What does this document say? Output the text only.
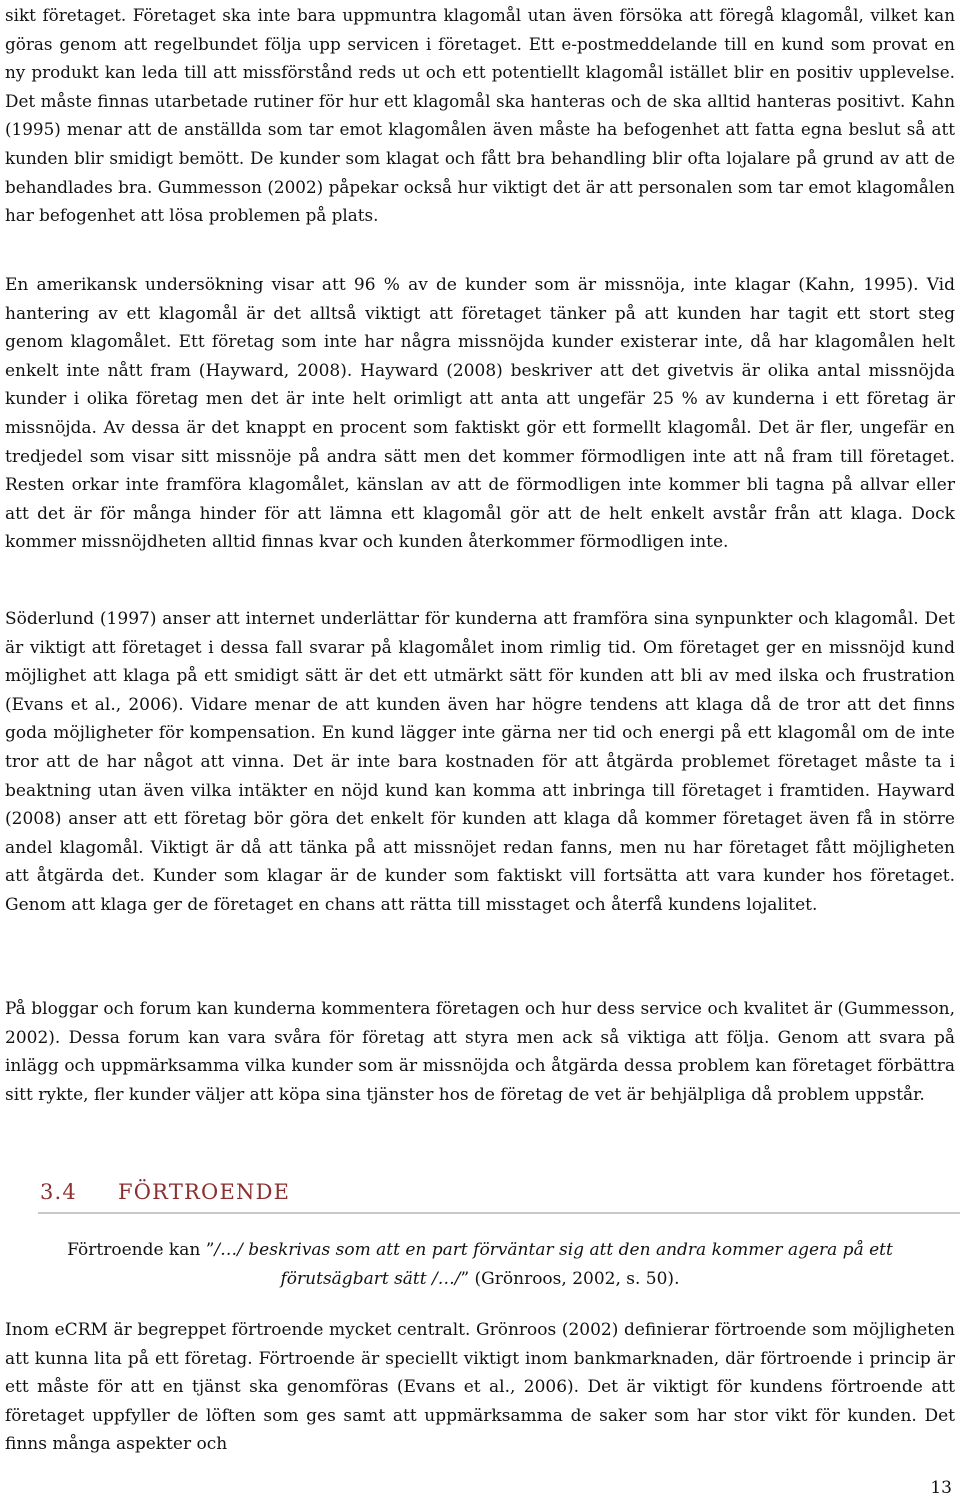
sikt företaget. Företaget ska inte bara uppmuntra klagomål utan även försöka att föregå klagomål, vilket kan göras genom att regelbundet följa upp servicen i företaget. Ett e-postmeddelande till en kund som provat en ny produkt kan leda till att missförstånd reds ut och ett potentiellt klagomål istället blir en positiv upplevelse. Det måste finnas utarbetade rutiner för hur ett klagomål ska hanteras och de ska alltid hanteras positivt. Kahn (1995) menar att de anställda som tar emot klagomålen även måste ha befogenhet att fatta egna beslut så att kunden blir smidigt bemött. De kunder som klagat och fått bra behandling blir ofta lojalare på grund av att de behandlades bra. Gummesson (2002) påpekar också hur viktigt det är att personalen som tar emot klagomålen har befogenhet att lösa problemen på plats.

En amerikansk undersökning visar att 96 % av de kunder som är missnöja, inte klagar (Kahn, 1995). Vid hantering av ett klagomål är det alltså viktigt att företaget tänker på att kunden har tagit ett stort steg genom klagomålet. Ett företag som inte har några missnöjda kunder existerar inte, då har klagomålen helt enkelt inte nått fram (Hayward, 2008). Hayward (2008) beskriver att det givetvis är olika antal missnöjda kunder i olika företag men det är inte helt orimligt att anta att ungefär 25 % av kunderna i ett företag är missnöjda. Av dessa är det knappt en procent som faktiskt gör ett formellt klagomål. Det är fler, ungefär en tredjedel som visar sitt missnöje på andra sätt men det kommer förmodligen inte att nå fram till företaget. Resten orkar inte framföra klagomålet, känslan av att de förmodligen inte kommer bli tagna på allvar eller att det är för många hinder för att lämna ett klagomål gör att de helt enkelt avstår från att klaga. Dock kommer missnöjdheten alltid finnas kvar och kunden återkommer förmodligen inte.

Söderlund (1997) anser att internet underlättar för kunderna att framföra sina synpunkter och klagomål. Det är viktigt att företaget i dessa fall svarar på klagomålet inom rimlig tid. Om företaget ger en missnöjd kund möjlighet att klaga på ett smidigt sätt är det ett utmärkt sätt för kunden att bli av med ilska och frustration (Evans et al., 2006). Vidare menar de att kunden även har högre tendens att klaga då de tror att det finns goda möjligheter för kompensation. En kund lägger inte gärna ner tid och energi på ett klagomål om de inte tror att de har något att vinna. Det är inte bara kostnaden för att åtgärda problemet företaget måste ta i beaktning utan även vilka intäkter en nöjd kund kan komma att inbringa till företaget i framtiden. Hayward (2008) anser att ett företag bör göra det enkelt för kunden att klaga då kommer företaget även få in större andel klagomål. Viktigt är då att tänka på att missnöjet redan fanns, men nu har företaget fått möjligheten att åtgärda det. Kunder som klagar är de kunder som faktiskt vill fortsätta att vara kunder hos företaget. Genom att klaga ger de företaget en chans att rätta till misstaget och återfå kundens lojalitet.

På bloggar och forum kan kunderna kommentera företagen och hur dess service och kvalitet är (Gummesson, 2002). Dessa forum kan vara svåra för företag att styra men ack så viktiga att följa. Genom att svara på inlägg och uppmärksamma vilka kunder som är missnöjda och åtgärda dessa problem kan företaget förbättra sitt rykte, fler kunder väljer att köpa sina tjänster hos de företag de vet är behjälpliga då problem uppstår.

3.4 FÖRTROENDE

Förtroende kan ”/…/ beskrivas som att en part förväntar sig att den andra kommer agera på ett förutsägbart sätt /…/” (Grönroos, 2002, s. 50).

Inom eCRM är begreppet förtroende mycket centralt. Grönroos (2002) definierar förtroende som möjligheten att kunna lita på ett företag. Förtroende är speciellt viktigt inom bankmarknaden, där förtroende i princip är ett måste för att en tjänst ska genomföras (Evans et al., 2006). Det är viktigt för kundens förtroende att företaget uppfyller de löften som ges samt att uppmärksamma de saker som har stor vikt för kunden. Det finns många aspekter och

13
